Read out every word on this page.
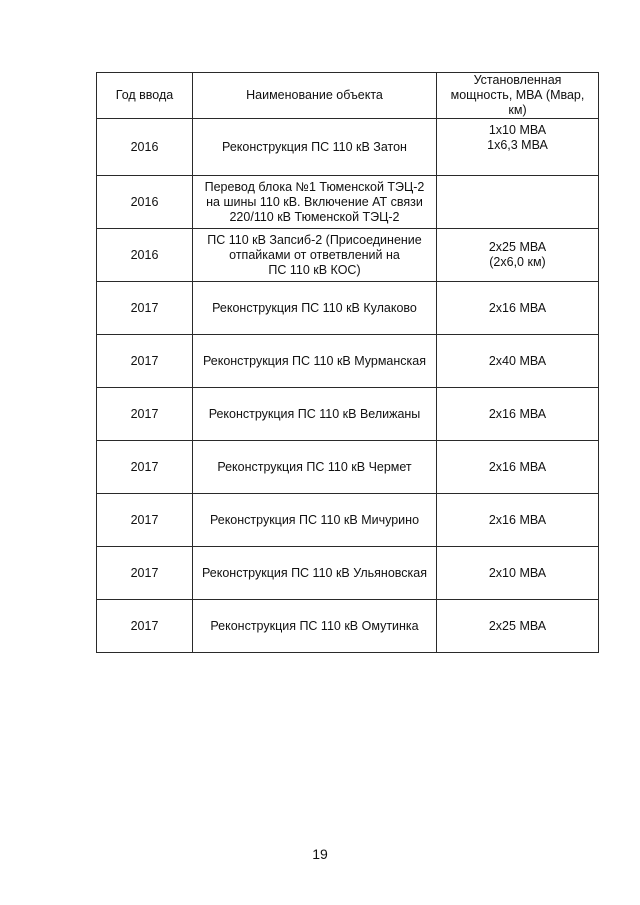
Год ввода	Наименование объекта	Установленная
мощность, МВА (Мвар,
км)
2016	Реконструкция ПС 110 кВ Затон	1x10 МВА
1x6,3 МВА
2016	Перевод блока №1 Тюменской ТЭЦ-2
на шины 110 кВ. Включение АТ связи
220/110 кВ Тюменской ТЭЦ-2	
2016	ПС 110 кВ Запсиб-2 (Присоединение
отпайками от ответвлений на
ПС 110 кВ КОС)	2x25 МВА
(2x6,0 км)
2017	Реконструкция ПС 110 кВ Кулаково	2x16 МВА
2017	Реконструкция ПС 110 кВ Мурманская	2x40 МВА
2017	Реконструкция ПС 110 кВ Велижаны	2x16 МВА
2017	Реконструкция ПС 110 кВ Чермет	2x16 МВА
2017	Реконструкция ПС 110 кВ Мичурино	2x16 МВА
2017	Реконструкция ПС 110 кВ Ульяновская	2x10 МВА
2017	Реконструкция ПС 110 кВ Омутинка	2x25 МВА
19
